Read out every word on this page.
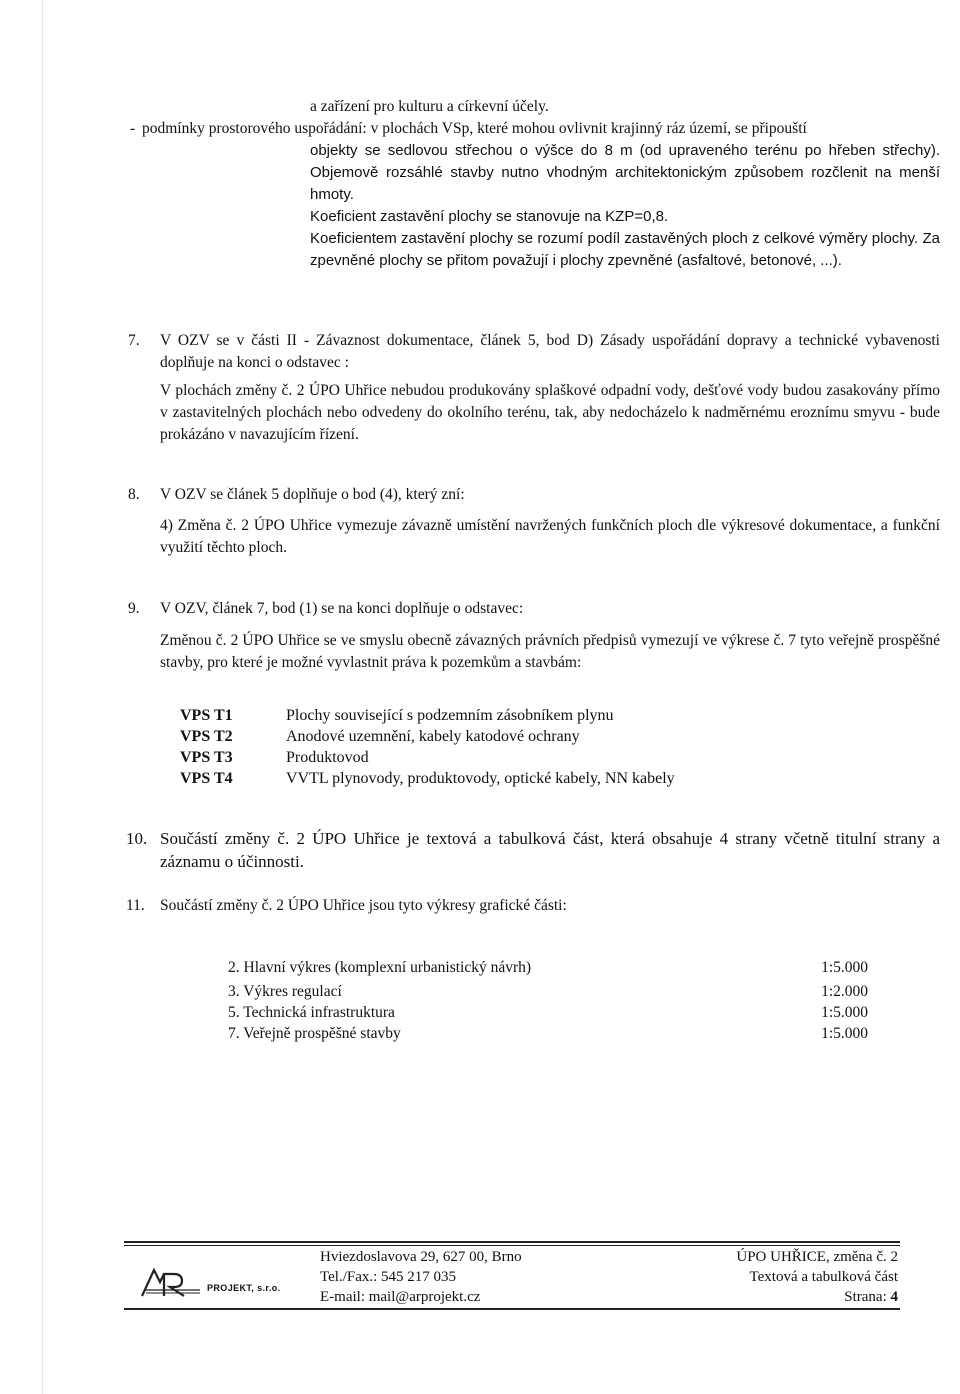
a zařízení pro kulturu a církevní účely.

- podmínky prostorového uspořádání: v plochách VSp, které mohou ovlivnit krajinný ráz území, se připouští

objekty se sedlovou střechou o výšce do 8 m (od upraveného terénu po hřeben střechy). Objemově rozsáhlé stavby nutno vhodným architektonickým způsobem rozčlenit na menší hmoty.

Koeficient zastavění plochy se stanovuje na KZP=0,8.

Koeficientem zastavění plochy se rozumí podíl zastavěných ploch z celkové výměry plochy. Za zpevněné plochy se přitom považují i plochy zpevněné (asfaltové, betonové, ...).

7.	V OZV se v části II - Závaznost dokumentace, článek 5, bod D) Zásady uspořádání dopravy a technické vybavenosti doplňuje na konci o odstavec :

V plochách změny č. 2 ÚPO Uhřice nebudou produkovány splaškové odpadní vody, dešťové vody budou zasakovány přímo v zastavitelných plochách nebo odvedeny do okolního terénu, tak, aby nedocházelo k nadměrnému eroznímu smyvu - bude prokázáno v navazujícím řízení.

8.	V OZV se článek 5 doplňuje o bod (4), který zní:

4) Změna č. 2 ÚPO Uhřice vymezuje závazně umístění navržených funkčních ploch dle výkresové dokumentace, a funkční využití těchto ploch.

9.	V OZV, článek 7, bod (1) se na konci doplňuje o odstavec:

Změnou č. 2 ÚPO Uhřice se ve smyslu obecně závazných právních předpisů vymezují ve výkrese č. 7 tyto veřejně prospěšné stavby, pro které je možné vyvlastnit práva k pozemkům a stavbám:

VPS T1	Plochy související s podzemním zásobníkem plynu
VPS T2	Anodové uzemnění, kabely katodové ochrany
VPS T3	Produktovod
VPS T4	VVTL plynovody, produktovody, optické kabely, NN kabely
10. Součástí změny č. 2 ÚPO Uhřice je textová a tabulková část, která obsahuje 4 strany včetně titulní strany a záznamu o účinnosti.

11. Součástí změny č. 2 ÚPO Uhřice jsou tyto výkresy grafické části:

2. Hlavní výkres (komplexní urbanistický návrh)	1:5.000
3. Výkres regulací	1:2.000
5. Technická infrastruktura	1:5.000
7. Veřejně prospěšné stavby	1:5.000
PROJEKT, s.r.o.
Hviezdoslavova 29, 627 00, Brno
Tel./Fax.: 545 217 035
E-mail: mail@arprojekt.cz
ÚPO UHŘICE, změna č. 2
Textová a tabulková část
Strana: 4
